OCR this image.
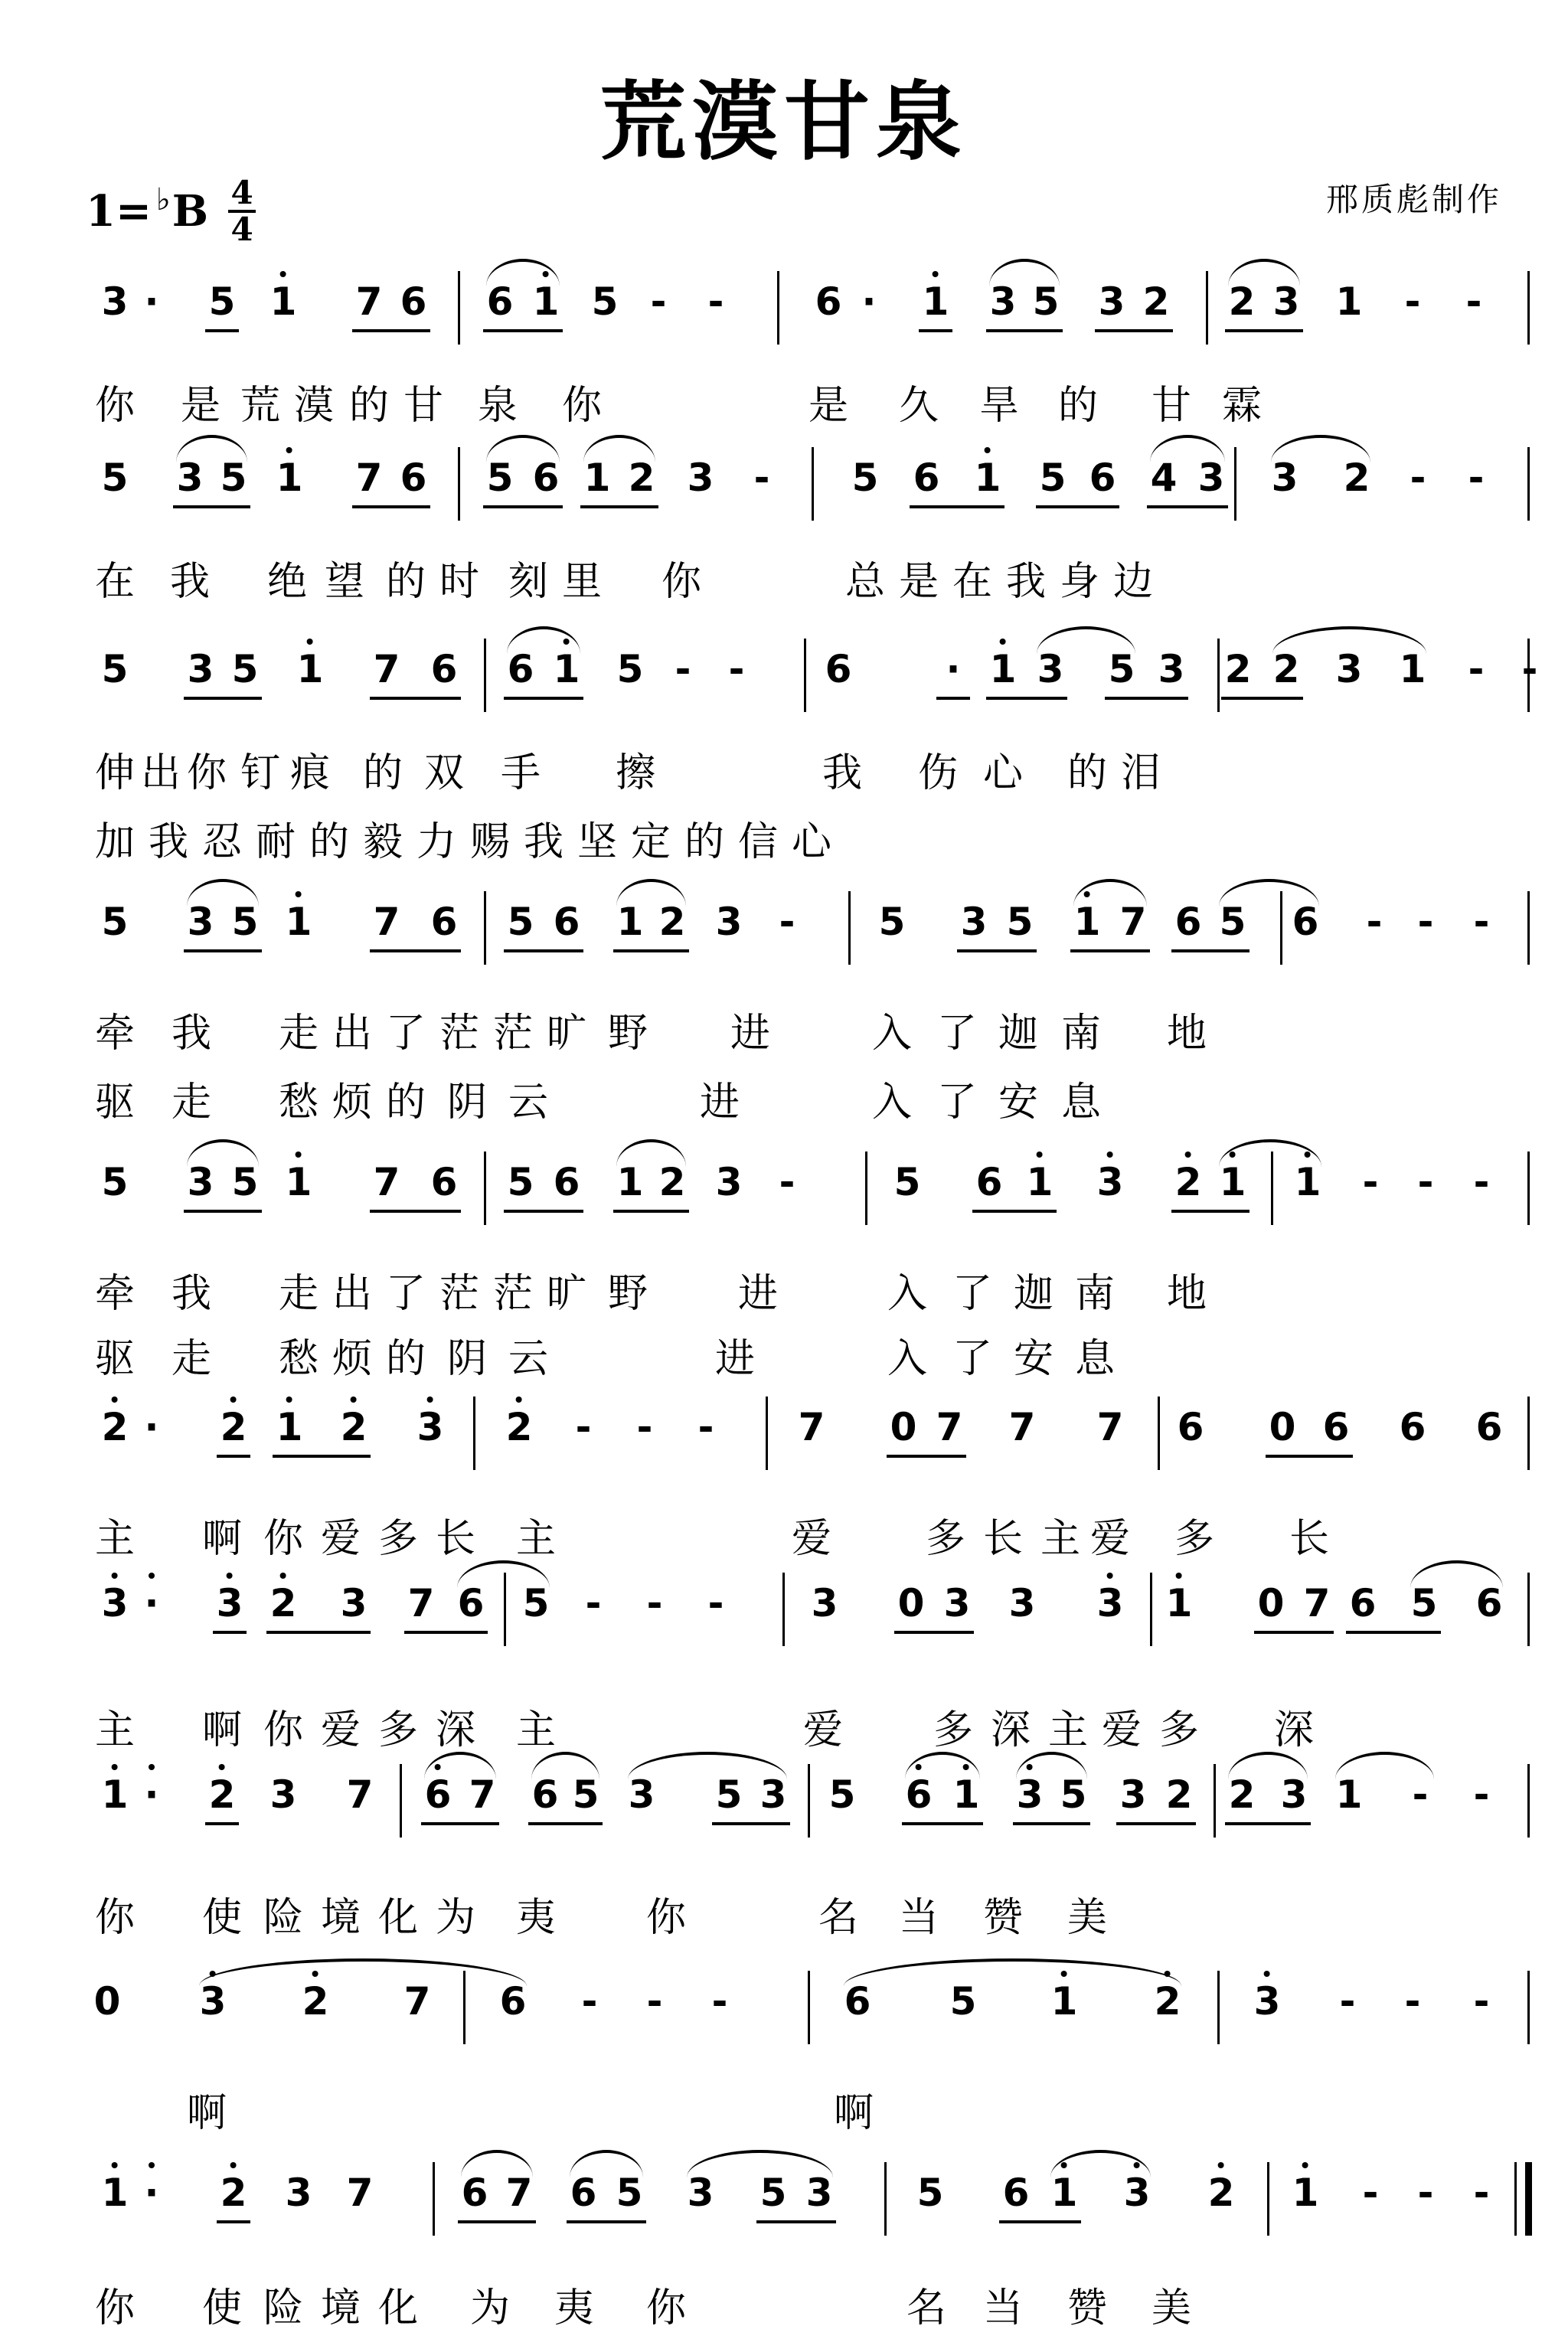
荒漠甘泉
1= ♭ B 4
4
邢质彪制作
3 · 5 1 7 6 6 1 5 - - 6 · 1 3 5 3 2 2 3 1 - -
你 是 荒 漠 的 甘 泉 你	是 久 旱 的 甘 霖
5 3 5 1 7 6 5 6 1 2 3 - 5 6 1 5 6 4 3 3 2 - -
在 我 绝 望 的 时 刻 里 你	总 是 在 我 身 边
5 3 5 1 7 6 6 1 5 - - 6 · 1 3 5 3 2 2 3 1 - -
伸 出 你 钉 痕 的 双 手 擦	我 伤 心 的 泪
加 我 忍 耐 的 毅 力 赐 我 坚 定 的 信 心
5 3 5 1 7 6 5 6 1 2 3 - 5 3 5 1 7 6 5 6 - - -
牵 我 走 出 了 茫 茫 旷 野 进	入 了 迦 南 地
驱 走 愁 烦 的 阴 云	进	入 了 安 息
5 3 5 1 7 6 5 6 1 2 3 -	5 6 1 3 2 1 1 - - -
牵 我 走 出 了 茫 茫 旷 野 进	入 了 迦 南 地
驱 走 愁 烦 的 阴 云	进	入 了 安 息
2 · 2 1 2 3 2 - - - 7 0 7 7 7 6 0 6 6 6
主 啊 你 爱 多 长 主	爱 多 长 主 爱 多 长
3 · 3 2 3 7 6 5 - - - 3 0 3 3 3 1 0 7 6 5 6
主 啊 你 爱 多 深 主	爱 多 深 主 爱 多 深
1 · 2 3 7 6 7 6 5 3 5 3 5 6 1 3 5 3 2 2 3 1 - -
你 使 险 境 化 为 夷 你	名 当 赞 美
0 3 2 7 6 - - -	6 5 1 2 3 - - -
啊	啊
1 · 2 3 7 6 7 6 5 3 5 3 5 6 1 3 2 1 - - -
你 使 险 境 化 为 夷 你	名 当 赞 美
